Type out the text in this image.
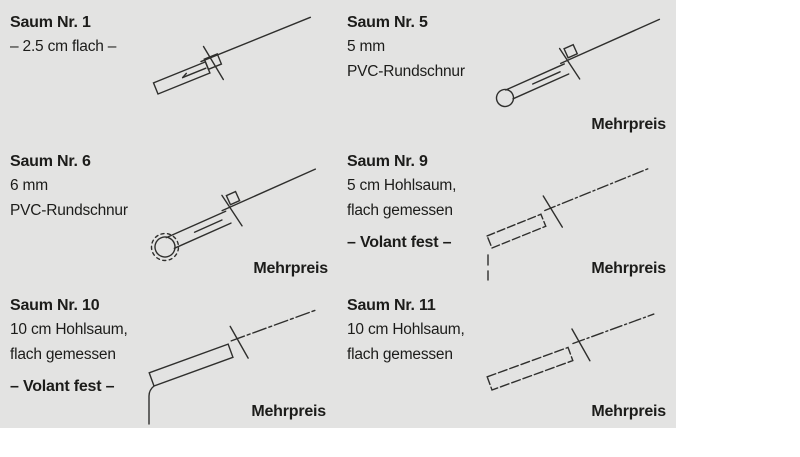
Saum Nr. 1

– 2.5 cm flach –

Saum Nr. 5

5 mm

PVC-Rundschnur

Mehrpreis

Saum Nr. 6

6 mm

PVC-Rundschnur

Mehrpreis

Saum Nr. 9

5 cm Hohlsaum,

flach gemessen

– Volant fest –

Mehrpreis

Saum Nr. 10

10 cm Hohlsaum,

flach gemessen

– Volant fest –

Mehrpreis

Saum Nr. 11

10 cm Hohlsaum,

flach gemessen

Mehrpreis
